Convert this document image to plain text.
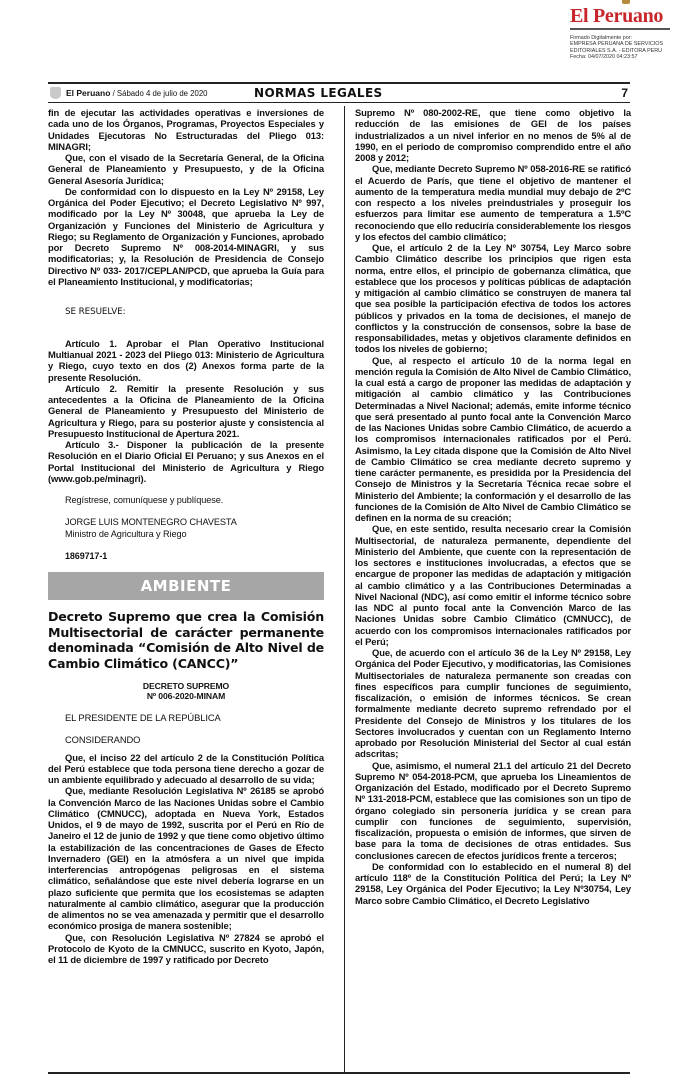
El Peruano
Firmado Digitalmente por:
EMPRESA PERUANA DE SERVICIOS
EDITORIALES S.A. - EDITORA PERU
Fecha: 04/07/2020 04:23:57
El Peruano / Sábado 4 de julio de 2020	NORMAS LEGALES	7

fin de ejecutar las actividades operativas e inversiones de cada uno de los Órganos, Programas, Proyectos Especiales y Unidades Ejecutoras No Estructuradas del Pliego 013: MINAGRI;

Que, con el visado de la Secretaría General, de la Oficina General de Planeamiento y Presupuesto, y de la Oficina General Asesoría Jurídica;

De conformidad con lo dispuesto en la Ley Nº 29158, Ley Orgánica del Poder Ejecutivo; el Decreto Legislativo Nº 997, modificado por la Ley Nº 30048, que aprueba la Ley de Organización y Funciones del Ministerio de Agricultura y Riego; su Reglamento de Organización y Funciones, aprobado por Decreto Supremo Nº 008-2014-MINAGRI, y sus modificatorias; y, la Resolución de Presidencia de Consejo Directivo Nº 033- 2017/CEPLAN/PCD, que aprueba la Guía para el Planeamiento Institucional, y modificatorias;

SE RESUELVE:

Artículo 1. Aprobar el Plan Operativo Institucional Multianual 2021 - 2023 del Pliego 013: Ministerio de Agricultura y Riego, cuyo texto en dos (2) Anexos forma parte de la presente Resolución.

Artículo 2. Remitir la presente Resolución y sus antecedentes a la Oficina de Planeamiento de la Oficina General de Planeamiento y Presupuesto del Ministerio de Agricultura y Riego, para su posterior ajuste y consistencia al Presupuesto Institucional de Apertura 2021.

Artículo 3.- Disponer la publicación de la presente Resolución en el Diario Oficial El Peruano; y sus Anexos en el Portal Institucional del Ministerio de Agricultura y Riego (www.gob.pe/minagri).

Regístrese, comuníquese y publíquese.
JORGE LUIS MONTENEGRO CHAVESTA
Ministro de Agricultura y Riego
1869717-1
AMBIENTE
Decreto Supremo que crea la Comisión Multisectorial de carácter permanente denominada “Comisión de Alto Nivel de Cambio Climático (CANCC)”
DECRETO SUPREMO
Nº 006-2020-MINAM
EL PRESIDENTE DE LA REPÚBLICA
CONSIDERANDO

Que, el inciso 22 del artículo 2 de la Constitución Política del Perú establece que toda persona tiene derecho a gozar de un ambiente equilibrado y adecuado al desarrollo de su vida;

Que, mediante Resolución Legislativa Nº 26185 se aprobó la Convención Marco de las Naciones Unidas sobre el Cambio Climático (CMNUCC), adoptada en Nueva York, Estados Unidos, el 9 de mayo de 1992, suscrita por el Perú en Río de Janeiro el 12 de junio de 1992 y que tiene como objetivo último la estabilización de las concentraciones de Gases de Efecto Invernadero (GEI) en la atmósfera a un nivel que impida interferencias antropógenas peligrosas en el sistema climático, señalándose que este nivel debería lograrse en un plazo suficiente que permita que los ecosistemas se adapten naturalmente al cambio climático, asegurar que la producción de alimentos no se vea amenazada y permitir que el desarrollo económico prosiga de manera sostenible;

Que, con Resolución Legislativa Nº 27824 se aprobó el Protocolo de Kyoto de la CMNUCC, suscrito en Kyoto, Japón, el 11 de diciembre de 1997 y ratificado por Decreto

Supremo Nº 080-2002-RE, que tiene como objetivo la reducción de las emisiones de GEI de los países industrializados a un nivel inferior en no menos de 5% al de 1990, en el periodo de compromiso comprendido entre el año 2008 y 2012;

Que, mediante Decreto Supremo Nº 058-2016-RE se ratificó el Acuerdo de París, que tiene el objetivo de mantener el aumento de la temperatura media mundial muy debajo de 2ºC con respecto a los niveles preindustriales y proseguir los esfuerzos para limitar ese aumento de temperatura a 1.5ºC reconociendo que ello reduciría considerablemente los riesgos y los efectos del cambio climático;

Que, el artículo 2 de la Ley Nº 30754, Ley Marco sobre Cambio Climático describe los principios que rigen esta norma, entre ellos, el principio de gobernanza climática, que establece que los procesos y políticas públicas de adaptación y mitigación al cambio climático se construyen de manera tal que sea posible la participación efectiva de todos los actores públicos y privados en la toma de decisiones, el manejo de conflictos y la construcción de consensos, sobre la base de responsabilidades, metas y objetivos claramente definidos en todos los niveles de gobierno;

Que, al respecto el artículo 10 de la norma legal en mención regula la Comisión de Alto Nivel de Cambio Climático, la cual está a cargo de proponer las medidas de adaptación y mitigación al cambio climático y las Contribuciones Determinadas a Nivel Nacional; además, emite informe técnico que será presentado al punto focal ante la Convención Marco de las Naciones Unidas sobre Cambio Climático, de acuerdo a los compromisos internacionales ratificados por el Perú. Asimismo, la Ley citada dispone que la Comisión de Alto Nivel de Cambio Climático se crea mediante decreto supremo y tiene carácter permanente, es presidida por la Presidencia del Consejo de Ministros y la Secretaría Técnica recae sobre el Ministerio del Ambiente; la conformación y el desarrollo de las funciones de la Comisión de Alto Nivel de Cambio Climático se definen en la norma de su creación;

Que, en este sentido, resulta necesario crear la Comisión Multisectorial, de naturaleza permanente, dependiente del Ministerio del Ambiente, que cuente con la representación de los sectores e instituciones involucradas, a efectos que se encargue de proponer las medidas de adaptación y mitigación al cambio climático y a las Contribuciones Determinadas a Nivel Nacional (NDC), así como emitir el informe técnico sobre las NDC al punto focal ante la Convención Marco de las Naciones Unidas sobre Cambio Climático (CMNUCC), de acuerdo con los compromisos internacionales ratificados por el Perú;

Que, de acuerdo con el artículo 36 de la Ley Nº 29158, Ley Orgánica del Poder Ejecutivo, y modificatorias, las Comisiones Multisectoriales de naturaleza permanente son creadas con fines específicos para cumplir funciones de seguimiento, fiscalización, o emisión de informes técnicos. Se crean formalmente mediante decreto supremo refrendado por el Presidente del Consejo de Ministros y los titulares de los Sectores involucrados y cuentan con un Reglamento Interno aprobado por Resolución Ministerial del Sector al cual están adscritas;

Que, asimismo, el numeral 21.1 del artículo 21 del Decreto Supremo Nº 054-2018-PCM, que aprueba los Lineamientos de Organización del Estado, modificado por el Decreto Supremo Nº 131-2018-PCM, establece que las comisiones son un tipo de órgano colegiado sin personería jurídica y se crean para cumplir con funciones de seguimiento, supervisión, fiscalización, propuesta o emisión de informes, que sirven de base para la toma de decisiones de otras entidades. Sus conclusiones carecen de efectos jurídicos frente a terceros;

De conformidad con lo establecido en el numeral 8) del artículo 118º de la Constitución Política del Perú; la Ley Nº 29158, Ley Orgánica del Poder Ejecutivo; la Ley Nº30754, Ley Marco sobre Cambio Climático, el Decreto Legislativo
